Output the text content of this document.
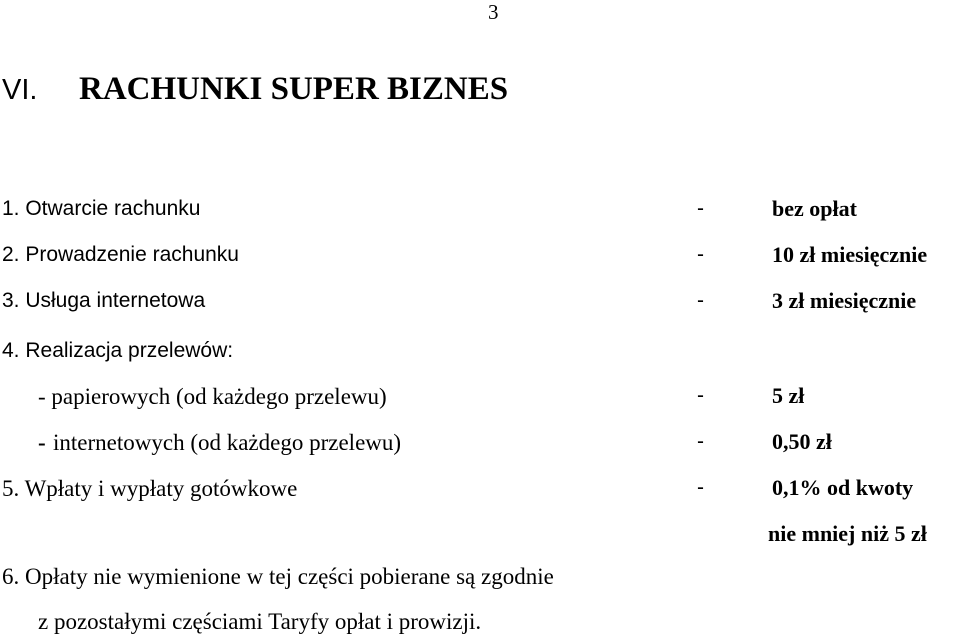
3
VI. RACHUNKI SUPER BIZNES
1. Otwarcie rachunku	-	bez opłat
2. Prowadzenie rachunku	-	10 zł miesięcznie
3. Usługa internetowa	-	3 zł miesięcznie
4. Realizacja przelewów:
- papierowych (od każdego przelewu)	-	5 zł
- internetowych (od każdego przelewu)	-	0,50 zł
5. Wpłaty i wypłaty gotówkowe	-	0,1% od kwoty
nie mniej niż 5 zł
6. Opłaty nie wymienione w tej części pobierane są zgodnie
z pozostałymi częściami Taryfy opłat i prowizji.
